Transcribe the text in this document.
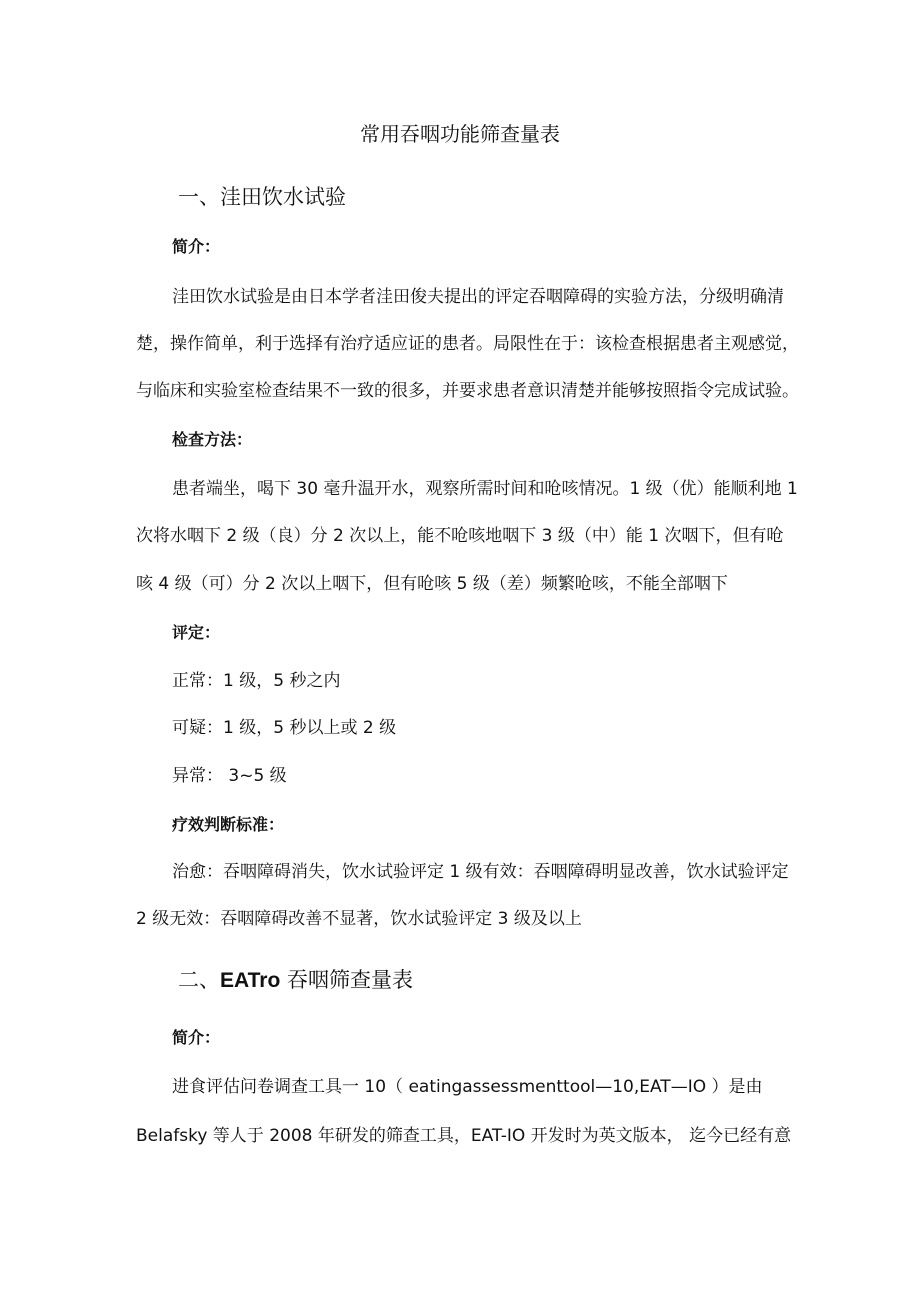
常用吞咽功能筛查量表
一、洼田饮水试验
简介：
洼田饮水试验是由日本学者洼田俊夫提出的评定吞咽障碍的实验方法，分级明确清
楚，操作简单，利于选择有治疗适应证的患者。局限性在于：该检查根据患者主观感觉，
与临床和实验室检查结果不一致的很多，并要求患者意识清楚并能够按照指令完成试验。
检查方法：
患者端坐，喝下 30 毫升温开水，观察所需时间和呛咳情况。1 级（优）能顺利地 1
次将水咽下 2 级（良）分 2 次以上，能不呛咳地咽下 3 级（中）能 1 次咽下，但有呛
咳 4 级（可）分 2 次以上咽下，但有呛咳 5 级（差）频繁呛咳，不能全部咽下
评定：
正常：1 级，5 秒之内
可疑：1 级，5 秒以上或 2 级
异常： 3~5 级
疗效判断标准：
治愈：吞咽障碍消失，饮水试验评定 1 级有效：吞咽障碍明显改善，饮水试验评定
2 级无效：吞咽障碍改善不显著，饮水试验评定 3 级及以上
二、EATro 吞咽筛查量表
简介：
进食评估问卷调查工具一 10（ eatingassessmenttool—10,EAT—IO ）是由
Belafsky 等人于 2008 年研发的筛查工具，EAT-IO 开发时为英文版本， 迄今已经有意
